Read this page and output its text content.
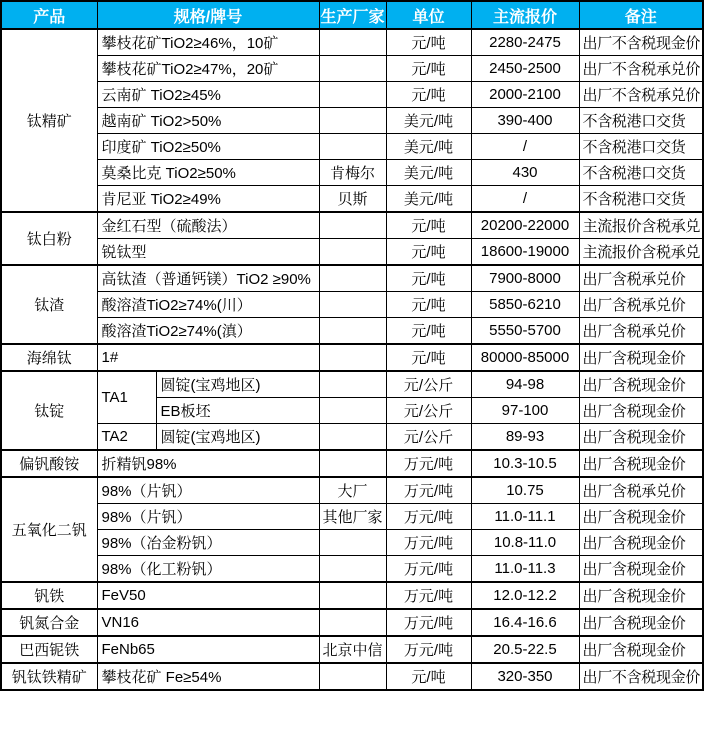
产品	规格/牌号		生产厂家	单位	主流报价	备注
钛精矿	攀枝花矿TiO2≥46%，10矿			元/吨	2280-2475	出厂不含税现金价
	攀枝花矿TiO2≥47%，20矿			元/吨	2450-2500	出厂不含税承兑价
	云南矿 TiO2≥45%			元/吨	2000-2100	出厂不含税承兑价
	越南矿 TiO2>50%			美元/吨	390-400	不含税港口交货
	印度矿 TiO2≥50%			美元/吨	/	不含税港口交货
	莫桑比克 TiO2≥50%		肯梅尔	美元/吨	430	不含税港口交货
	肯尼亚 TiO2≥49%		贝斯	美元/吨	/	不含税港口交货
钛白粉	金红石型（硫酸法）			元/吨	20200-22000	主流报价含税承兑
	锐钛型			元/吨	18600-19000	主流报价含税承兑
钛渣	高钛渣（普通钙镁）TiO2 ≥90%			元/吨	7900-8000	出厂含税承兑价
	酸溶渣TiO2≥74%(川）			元/吨	5850-6210	出厂含税承兑价
	酸溶渣TiO2≥74%(滇）			元/吨	5550-5700	出厂含税承兑价
海绵钛	1#			元/吨	80000-85000	出厂含税现金价
钛锭	TA1	圆锭(宝鸡地区)		元/公斤	94-98	出厂含税现金价
		EB板坯		元/公斤	97-100	出厂含税现金价
	TA2	圆锭(宝鸡地区)		元/公斤	89-93	出厂含税现金价
偏钒酸铵	折精钒98%			万元/吨	10.3-10.5	出厂含税现金价
五氧化二钒	98%（片钒）		大厂	万元/吨	10.75	出厂含税承兑价
	98%（片钒）		其他厂家	万元/吨	11.0-11.1	出厂含税现金价
	98%（冶金粉钒）			万元/吨	10.8-11.0	出厂含税现金价
	98%（化工粉钒）			万元/吨	11.0-11.3	出厂含税现金价
钒铁	FeV50			万元/吨	12.0-12.2	出厂含税现金价
钒氮合金	VN16			万元/吨	16.4-16.6	出厂含税现金价
巴西铌铁	FeNb65		北京中信	万元/吨	20.5-22.5	出厂含税现金价
钒钛铁精矿	攀枝花矿 Fe≥54%			元/吨	320-350	出厂不含税现金价
